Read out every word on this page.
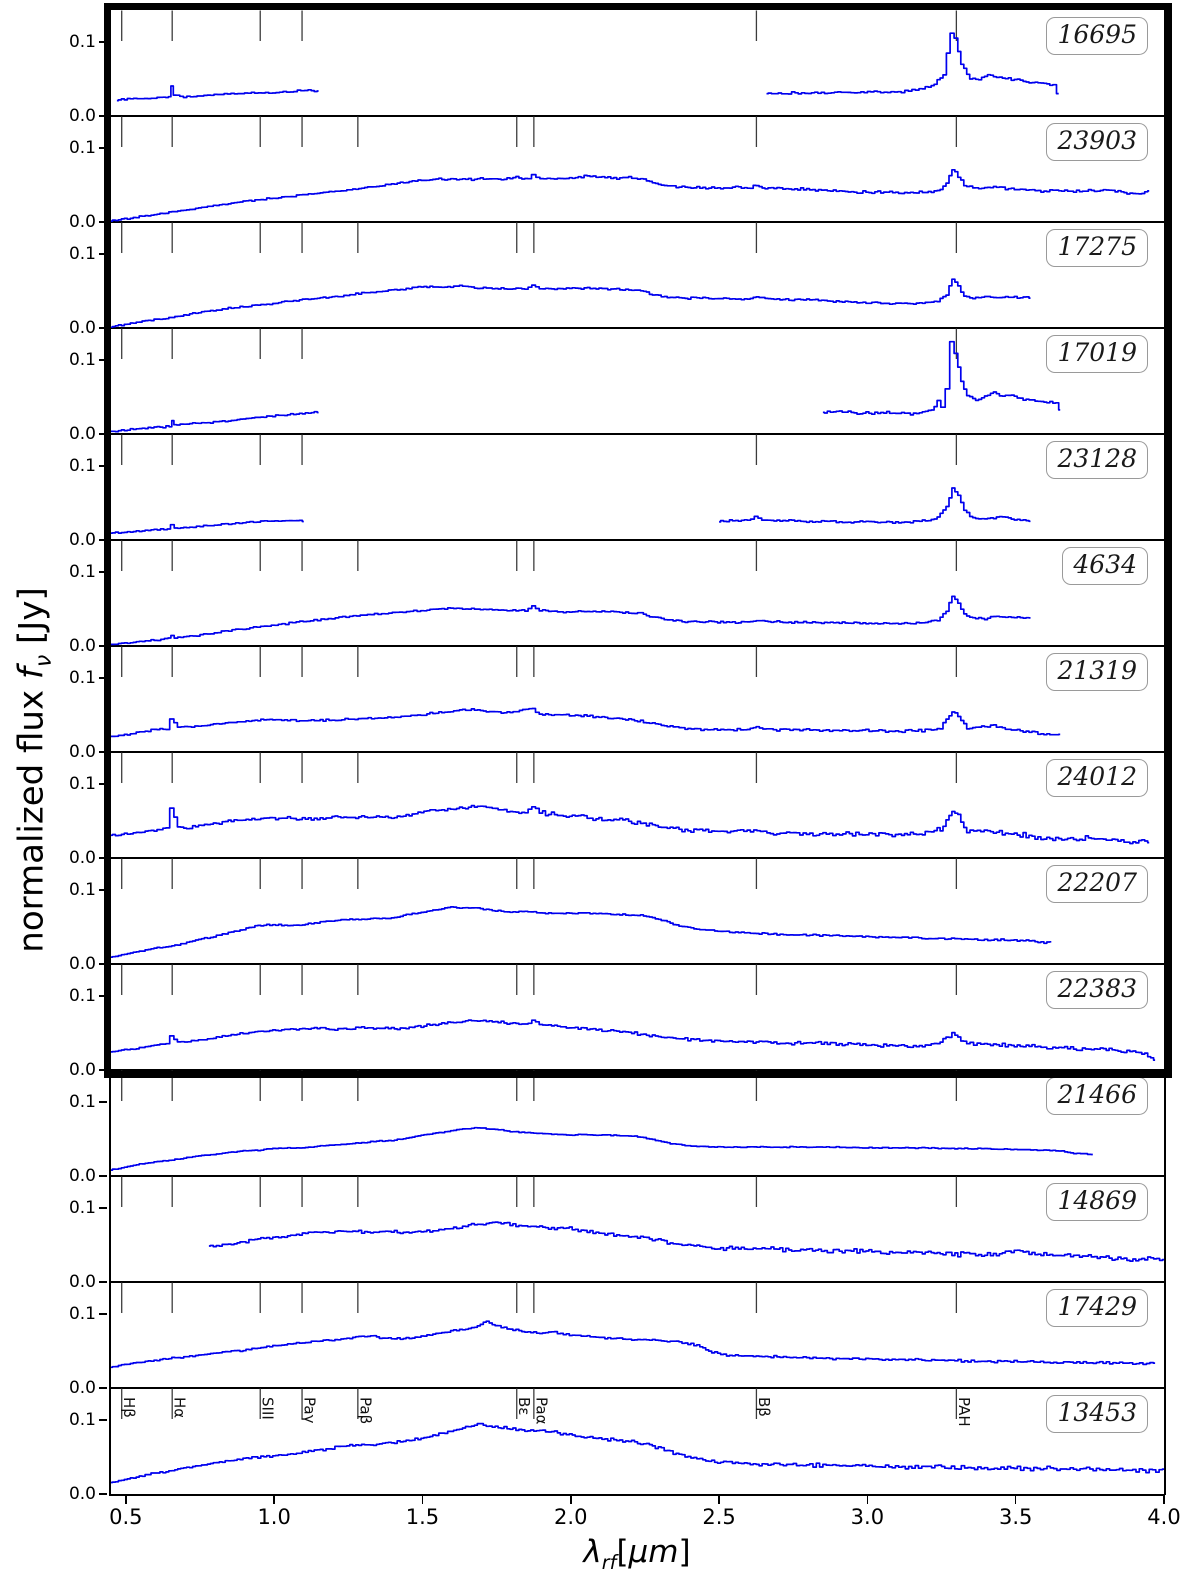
normalized flux $f_\nu$ [Jy]
$\lambda_{rf}[\mu m]$
0.5	1.0	1.5	2.0	2.5	3.0	3.5	4.0
0.1
0.0
16695
0.1
0.0
23903
0.1
0.0
17275
0.1
0.0
17019
0.1
0.0
23128
0.1
0.0
4634
0.1
0.0
21319
0.1
0.0
24012
0.1
0.0
22207
0.1
0.0
22383
0.1
0.0
21466
0.1
0.0
14869
0.1
0.0
17429
0.1
0.0
Hβ Hα	SIII Paγ	Paβ	Bε Paα	Bβ	PAH	13453
